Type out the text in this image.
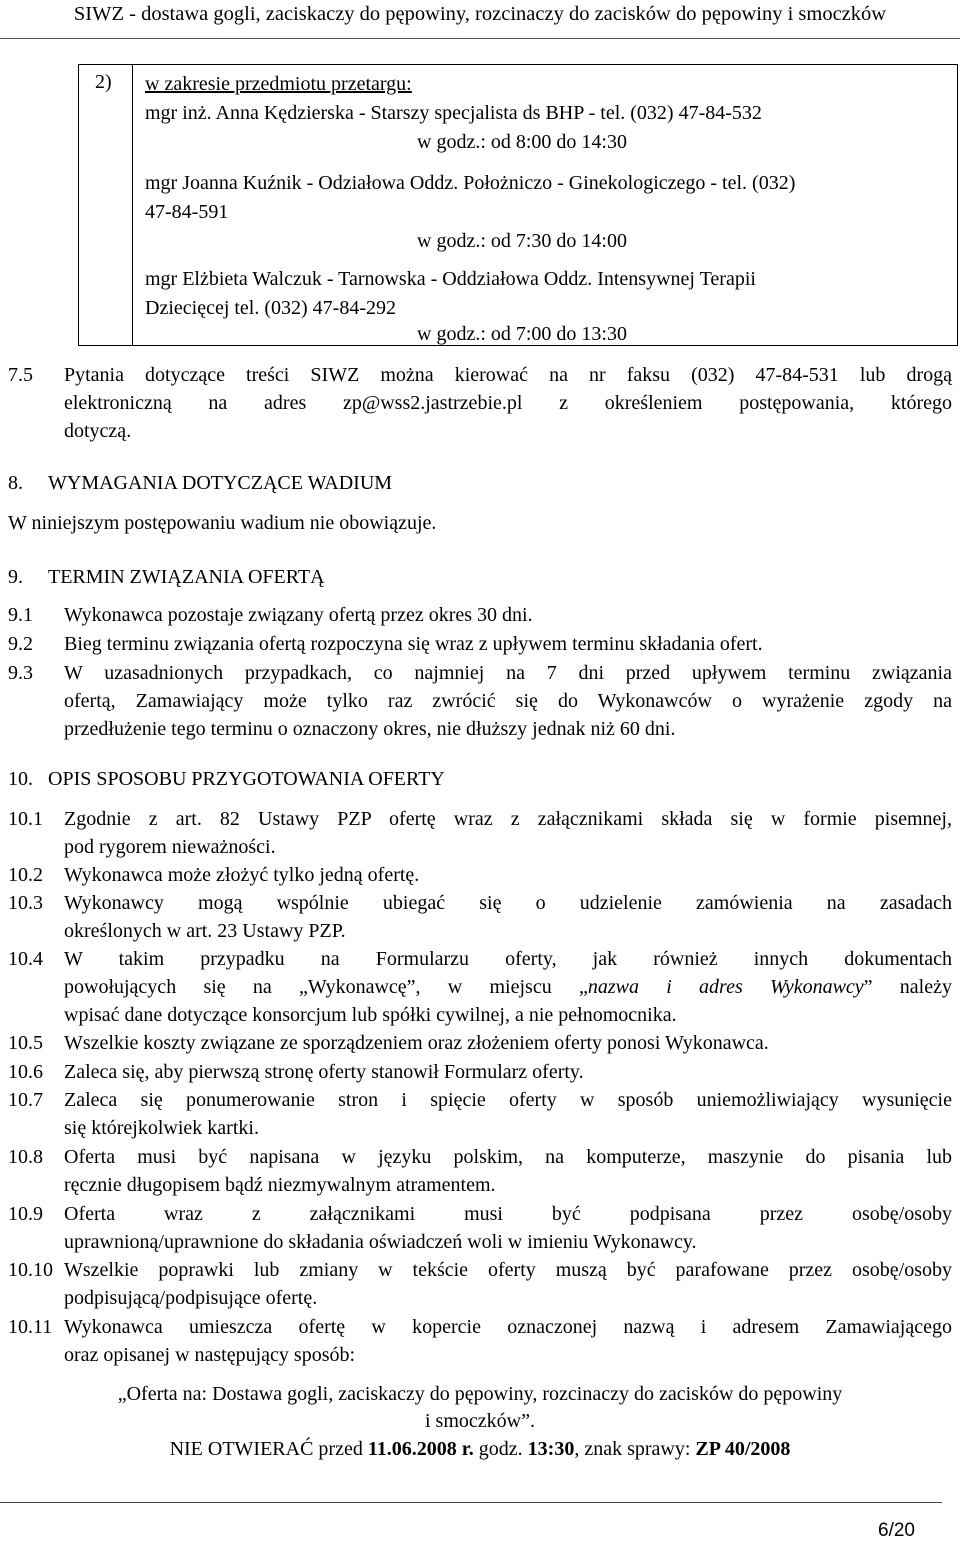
SIWZ - dostawa gogli, zaciskaczy do pępowiny, rozcinaczy do zacisków do pępowiny i smoczków
2) w zakresie przedmiotu przetargu:
mgr inż. Anna Kędzierska - Starszy specjalista ds BHP - tel. (032) 47-84-532
w godz.: od 8:00 do 14:30
mgr Joanna Kuźnik - Odziałowa Oddz. Położniczo - Ginekologiczego - tel. (032)
47-84-591
w godz.: od 7:30 do 14:00
mgr Elżbieta Walczuk - Tarnowska - Oddziałowa Oddz. Intensywnej Terapii
Dziecięcej tel. (032) 47-84-292
w godz.: od 7:00 do 13:30
7.5 Pytania dotyczące treści SIWZ można kierować na nr faksu (032) 47-84-531 lub drogą
elektroniczną na adres zp@wss2.jastrzebie.pl z określeniem postępowania, którego
dotyczą.
8. WYMAGANIA DOTYCZĄCE WADIUM
W niniejszym postępowaniu wadium nie obowiązuje.
9. TERMIN ZWIĄZANIA OFERTĄ
9.1 Wykonawca pozostaje związany ofertą przez okres 30 dni.
9.2 Bieg terminu związania ofertą rozpoczyna się wraz z upływem terminu składania ofert.
9.3 W uzasadnionych przypadkach, co najmniej na 7 dni przed upływem terminu związania
ofertą, Zamawiający może tylko raz zwrócić się do Wykonawców o wyrażenie zgody na
przedłużenie tego terminu o oznaczony okres, nie dłuższy jednak niż 60 dni.
10. OPIS SPOSOBU PRZYGOTOWANIA OFERTY
10.1 Zgodnie z art. 82 Ustawy PZP ofertę wraz z załącznikami składa się w formie pisemnej,
pod rygorem nieważności.
10.2 Wykonawca może złożyć tylko jedną ofertę.
10.3 Wykonawcy mogą wspólnie ubiegać się o udzielenie zamówienia na zasadach
określonych w art. 23 Ustawy PZP.
10.4 W takim przypadku na Formularzu oferty, jak również innych dokumentach
powołujących się na „Wykonawcę”, w miejscu „nazwa i adres Wykonawcy” należy
wpisać dane dotyczące konsorcjum lub spółki cywilnej, a nie pełnomocnika.
10.5 Wszelkie koszty związane ze sporządzeniem oraz złożeniem oferty ponosi Wykonawca.
10.6 Zaleca się, aby pierwszą stronę oferty stanowił Formularz oferty.
10.7 Zaleca się ponumerowanie stron i spięcie oferty w sposób uniemożliwiający wysunięcie
się którejkolwiek kartki.
10.8 Oferta musi być napisana w języku polskim, na komputerze, maszynie do pisania lub
ręcznie długopisem bądź niezmywalnym atramentem.
10.9 Oferta wraz z załącznikami musi być podpisana przez osobę/osoby
uprawnioną/uprawnione do składania oświadczeń woli w imieniu Wykonawcy.
10.10 Wszelkie poprawki lub zmiany w tekście oferty muszą być parafowane przez osobę/osoby
podpisującą/podpisujące ofertę.
10.11 Wykonawca umieszcza ofertę w kopercie oznaczonej nazwą i adresem Zamawiającego
oraz opisanej w następujący sposób:
„Oferta na: Dostawa gogli, zaciskaczy do pępowiny, rozcinaczy do zacisków do pępowiny
i smoczków”.
NIE OTWIERAĆ przed 11.06.2008 r. godz. 13:30, znak sprawy: ZP 40/2008
6/20
